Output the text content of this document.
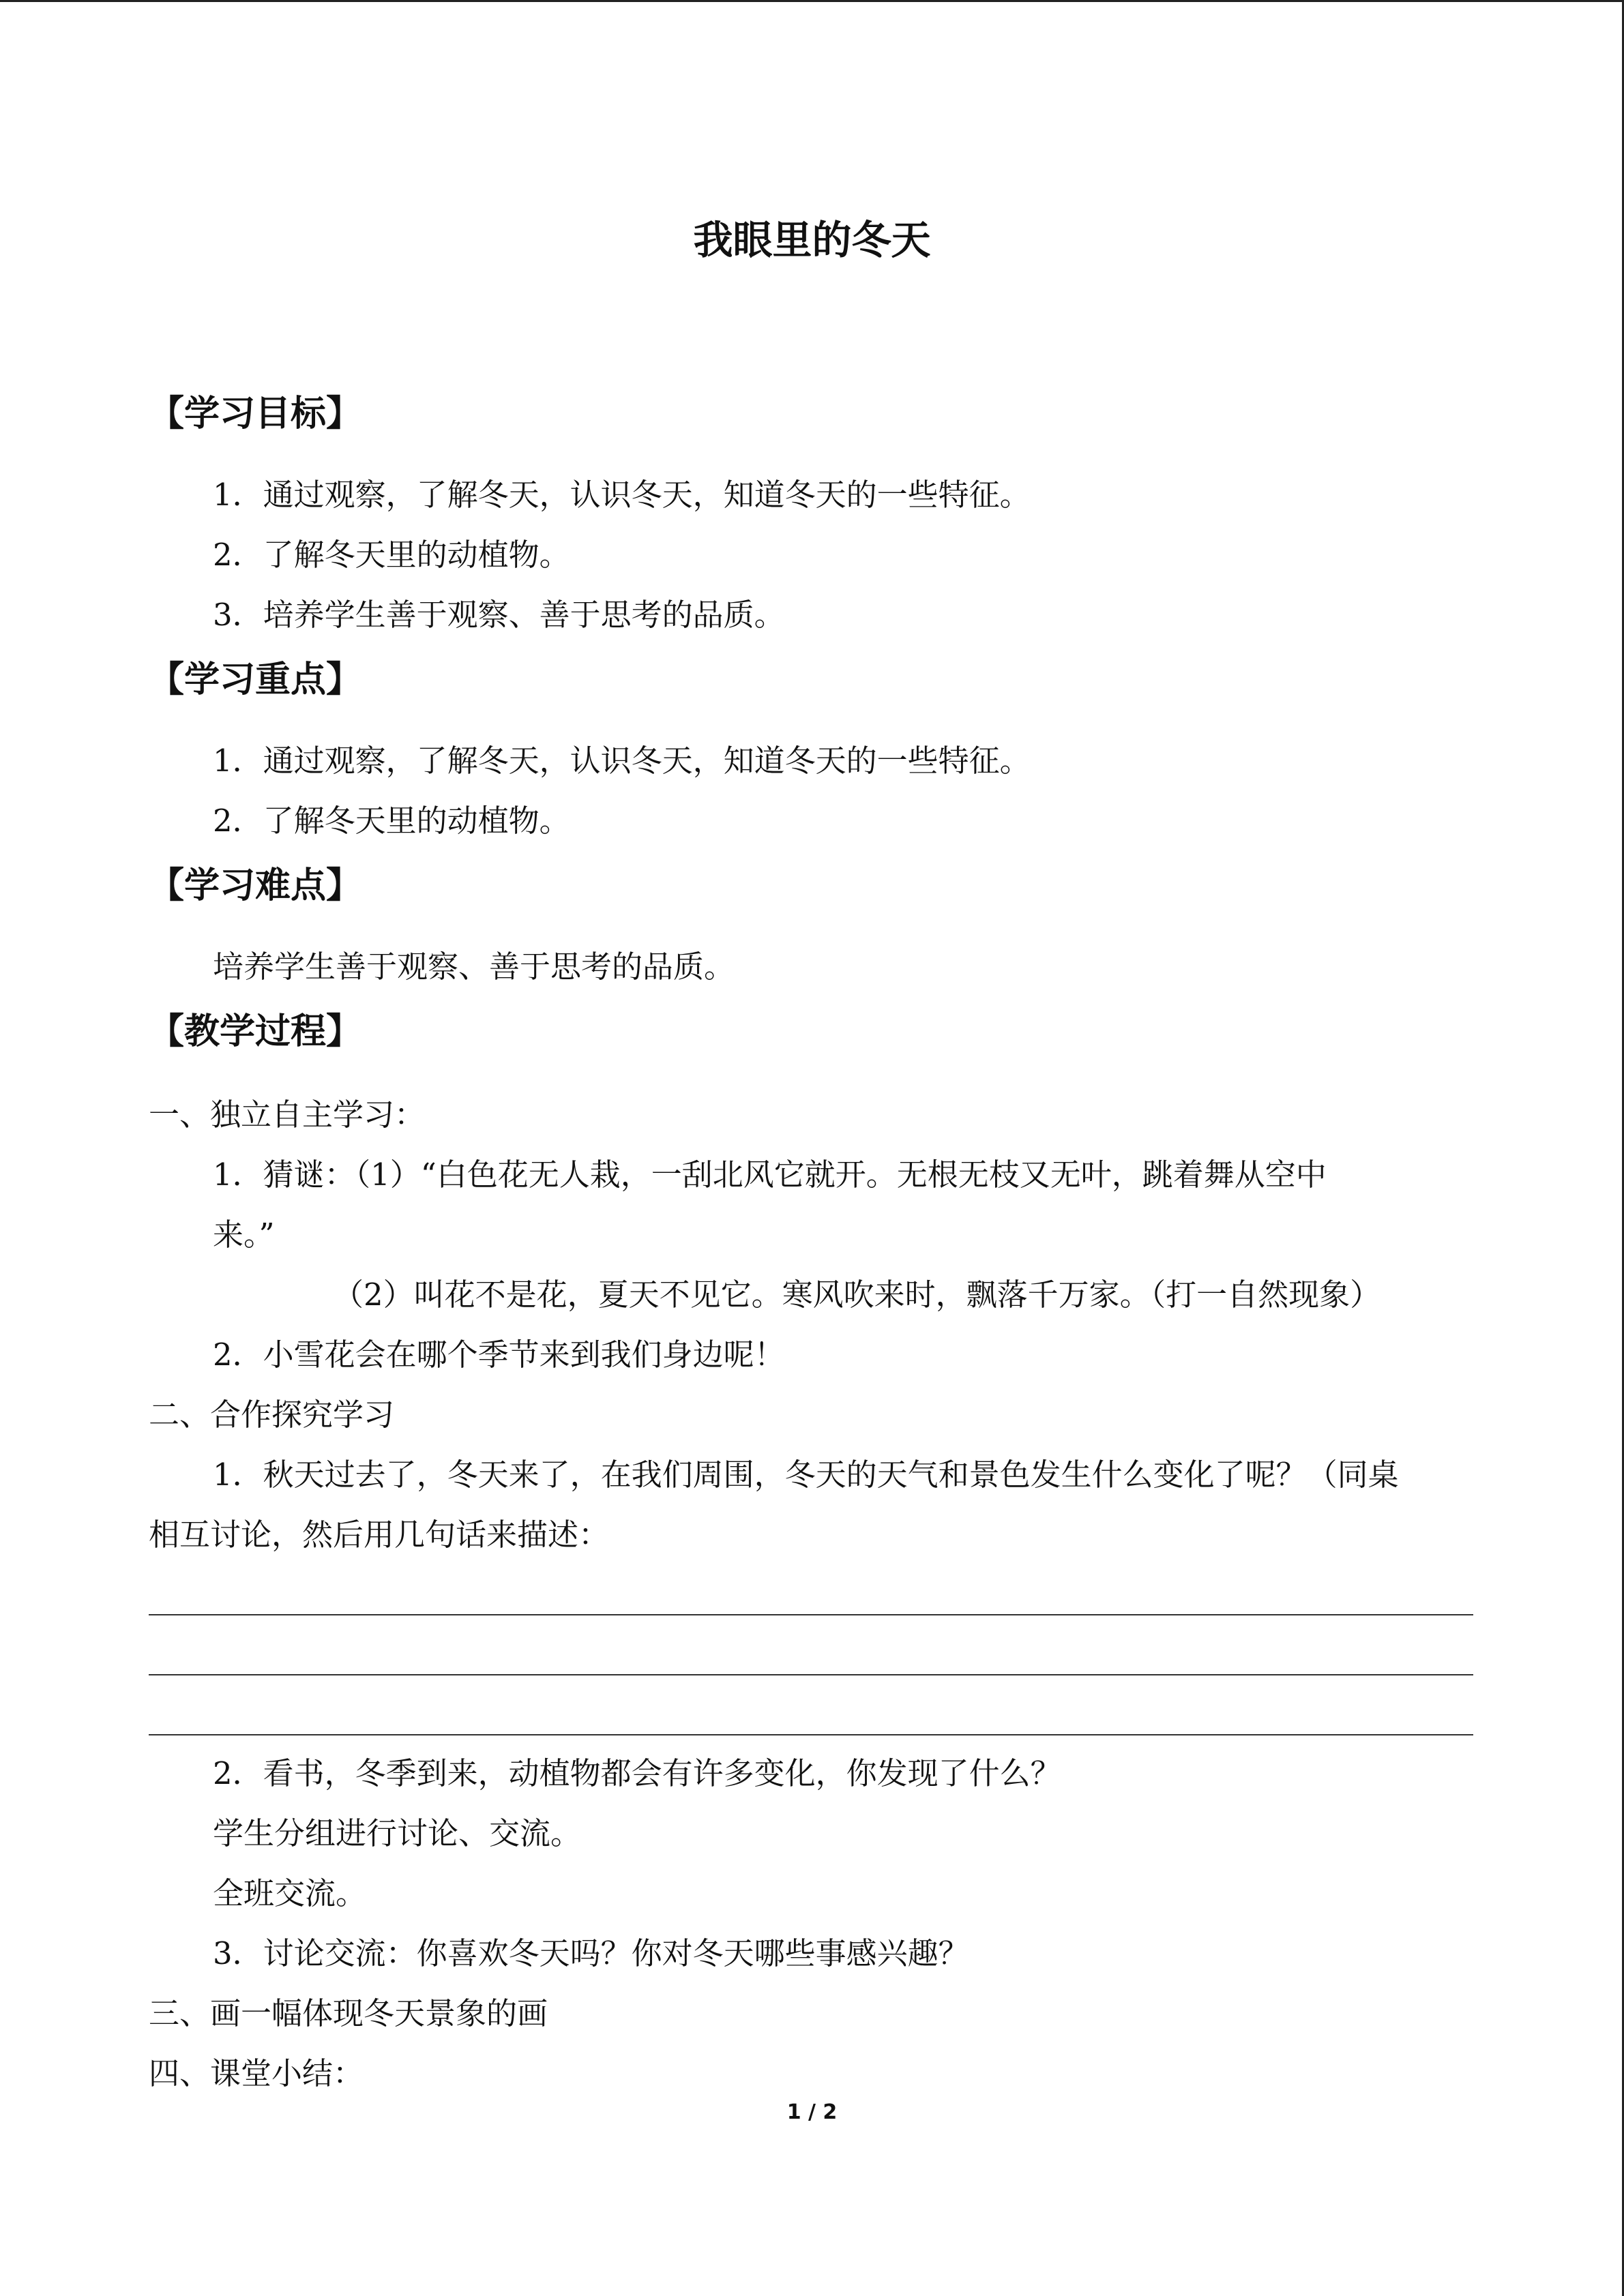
我眼里的冬天
【学习目标】
1．通过观察，了解冬天，认识冬天，知道冬天的一些特征。
2．了解冬天里的动植物。
3．培养学生善于观察、善于思考的品质。
【学习重点】
1．通过观察，了解冬天，认识冬天，知道冬天的一些特征。
2．了解冬天里的动植物。
【学习难点】
培养学生善于观察、善于思考的品质。
【教学过程】
一、独立自主学习：
1．猜谜：（1）“白色花无人栽，一刮北风它就开。无根无枝又无叶，跳着舞从空中
来。”
（2）叫花不是花，夏天不见它。寒风吹来时，飘落千万家。（打一自然现象）
2．小雪花会在哪个季节来到我们身边呢！
二、合作探究学习
1．秋天过去了，冬天来了，在我们周围，冬天的天气和景色发生什么变化了呢？（同桌
相互讨论，然后用几句话来描述：
2．看书，冬季到来，动植物都会有许多变化，你发现了什么？
学生分组进行讨论、交流。
全班交流。
3．讨论交流：你喜欢冬天吗？你对冬天哪些事感兴趣？
三、画一幅体现冬天景象的画
四、课堂小结：
1 / 2
